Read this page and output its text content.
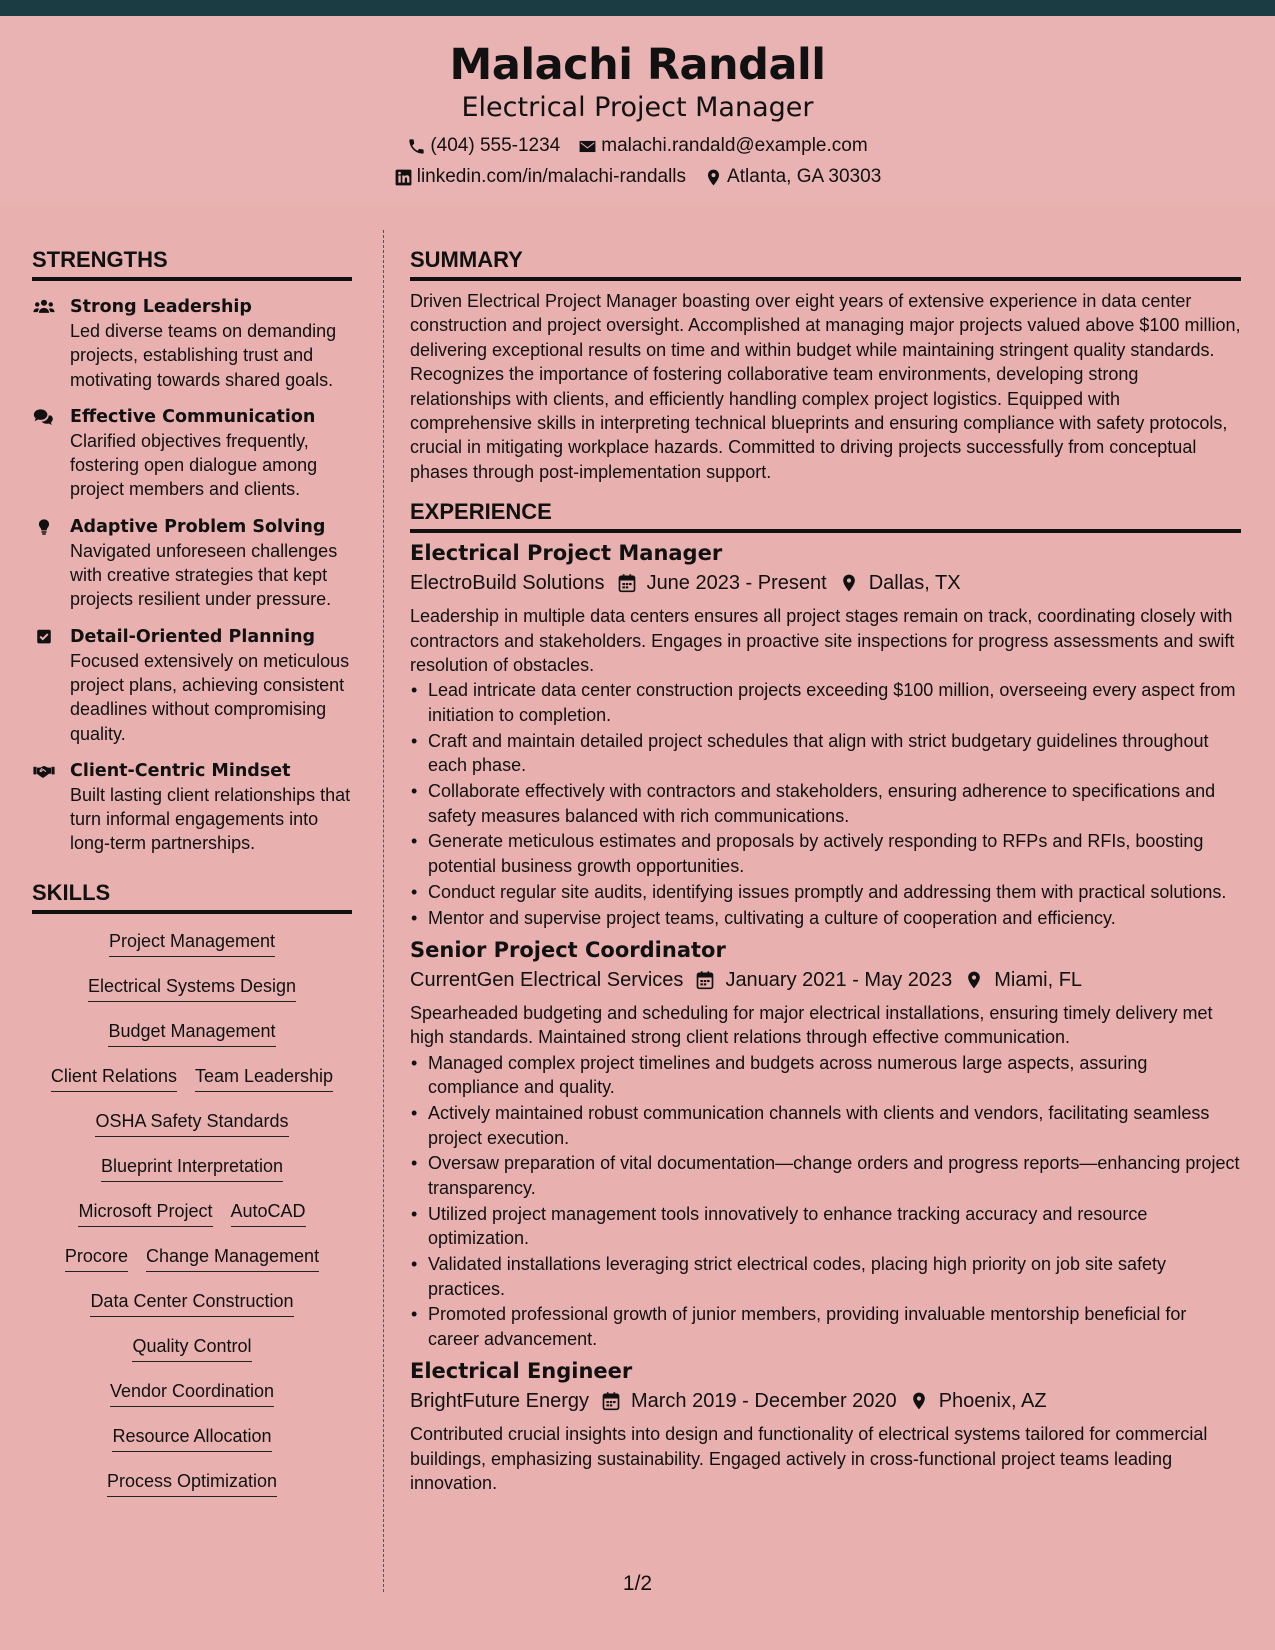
Malachi Randall
Electrical Project Manager
(404) 555-1234 malachi.randald@example.com
linkedin.com/in/malachi-randalls Atlanta, GA 30303
STRENGTHS
Strong Leadership
Led diverse teams on demanding projects, establishing trust and motivating towards shared goals.
Effective Communication
Clarified objectives frequently, fostering open dialogue among project members and clients.
Adaptive Problem Solving
Navigated unforeseen challenges with creative strategies that kept projects resilient under pressure.
Detail-Oriented Planning
Focused extensively on meticulous project plans, achieving consistent deadlines without compromising quality.
Client-Centric Mindset
Built lasting client relationships that turn informal engagements into long-term partnerships.
SKILLS
Project Management
Electrical Systems Design
Budget Management
Client Relations Team Leadership
OSHA Safety Standards
Blueprint Interpretation
Microsoft Project AutoCAD
Procore Change Management
Data Center Construction
Quality Control
Vendor Coordination
Resource Allocation
Process Optimization
SUMMARY
Driven Electrical Project Manager boasting over eight years of extensive experience in data center construction and project oversight. Accomplished at managing major projects valued above $100 million, delivering exceptional results on time and within budget while maintaining stringent quality standards. Recognizes the importance of fostering collaborative team environments, developing strong relationships with clients, and efficiently handling complex project logistics. Equipped with comprehensive skills in interpreting technical blueprints and ensuring compliance with safety protocols, crucial in mitigating workplace hazards. Committed to driving projects successfully from conceptual phases through post-implementation support.
EXPERIENCE
Electrical Project Manager
ElectroBuild Solutions June 2023 - Present Dallas, TX
Leadership in multiple data centers ensures all project stages remain on track, coordinating closely with contractors and stakeholders. Engages in proactive site inspections for progress assessments and swift resolution of obstacles.
• Lead intricate data center construction projects exceeding $100 million, overseeing every aspect from initiation to completion.
• Craft and maintain detailed project schedules that align with strict budgetary guidelines throughout each phase.
• Collaborate effectively with contractors and stakeholders, ensuring adherence to specifications and safety measures balanced with rich communications.
• Generate meticulous estimates and proposals by actively responding to RFPs and RFIs, boosting potential business growth opportunities.
• Conduct regular site audits, identifying issues promptly and addressing them with practical solutions.
• Mentor and supervise project teams, cultivating a culture of cooperation and efficiency.
Senior Project Coordinator
CurrentGen Electrical Services January 2021 - May 2023 Miami, FL
Spearheaded budgeting and scheduling for major electrical installations, ensuring timely delivery met high standards. Maintained strong client relations through effective communication.
• Managed complex project timelines and budgets across numerous large aspects, assuring compliance and quality.
• Actively maintained robust communication channels with clients and vendors, facilitating seamless project execution.
• Oversaw preparation of vital documentation—change orders and progress reports—enhancing project transparency.
• Utilized project management tools innovatively to enhance tracking accuracy and resource optimization.
• Validated installations leveraging strict electrical codes, placing high priority on job site safety practices.
• Promoted professional growth of junior members, providing invaluable mentorship beneficial for career advancement.
Electrical Engineer
BrightFuture Energy March 2019 - December 2020 Phoenix, AZ
Contributed crucial insights into design and functionality of electrical systems tailored for commercial buildings, emphasizing sustainability. Engaged actively in cross-functional project teams leading innovation.
1/2
